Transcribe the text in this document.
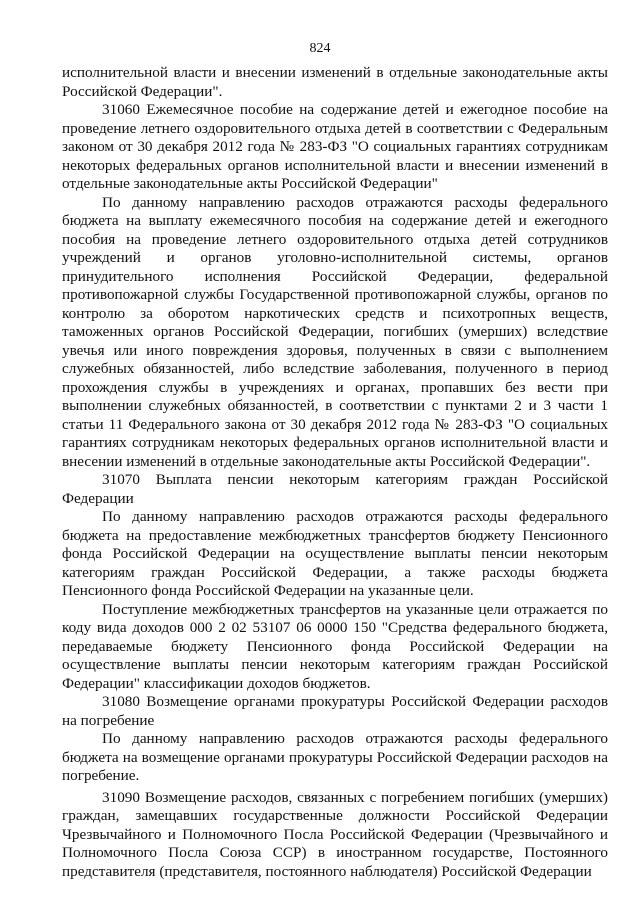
824

исполнительной власти и внесении изменений в отдельные законодательные акты Российской Федерации".

31060 Ежемесячное пособие на содержание детей и ежегодное пособие на проведение летнего оздоровительного отдыха детей в соответствии с Федеральным законом от 30 декабря 2012 года № 283-ФЗ "О социальных гарантиях сотрудникам некоторых федеральных органов исполнительной власти и внесении изменений в отдельные законодательные акты Российской Федерации"

По данному направлению расходов отражаются расходы федерального бюджета на выплату ежемесячного пособия на содержание детей и ежегодного пособия на проведение летнего оздоровительного отдыха детей сотрудников учреждений и органов уголовно-исполнительной системы, органов принудительного исполнения Российской Федерации, федеральной противопожарной службы Государственной противопожарной службы, органов по контролю за оборотом наркотических средств и психотропных веществ, таможенных органов Российской Федерации, погибших (умерших) вследствие увечья или иного повреждения здоровья, полученных в связи с выполнением служебных обязанностей, либо вследствие заболевания, полученного в период прохождения службы в учреждениях и органах, пропавших без вести при выполнении служебных обязанностей, в соответствии с пунктами 2 и 3 части 1 статьи 11 Федерального закона от 30 декабря 2012 года № 283-ФЗ "О социальных гарантиях сотрудникам некоторых федеральных органов исполнительной власти и внесении изменений в отдельные законодательные акты Российской Федерации".

31070 Выплата пенсии некоторым категориям граждан Российской Федерации

По данному направлению расходов отражаются расходы федерального бюджета на предоставление межбюджетных трансфертов бюджету Пенсионного фонда Российской Федерации на осуществление выплаты пенсии некоторым категориям граждан Российской Федерации, а также расходы бюджета Пенсионного фонда Российской Федерации на указанные цели.

Поступление межбюджетных трансфертов на указанные цели отражается по коду вида доходов 000 2 02 53107 06 0000 150 "Средства федерального бюджета, передаваемые бюджету Пенсионного фонда Российской Федерации на осуществление выплаты пенсии некоторым категориям граждан Российской Федерации" классификации доходов бюджетов.

31080 Возмещение органами прокуратуры Российской Федерации расходов на погребение

По данному направлению расходов отражаются расходы федерального бюджета на возмещение органами прокуратуры Российской Федерации расходов на погребение.

31090 Возмещение расходов, связанных с погребением погибших (умерших) граждан, замещавших государственные должности Российской Федерации Чрезвычайного и Полномочного Посла Российской Федерации (Чрезвычайного и Полномочного Посла Союза ССР) в иностранном государстве, Постоянного представителя (представителя, постоянного наблюдателя) Российской Федерации
